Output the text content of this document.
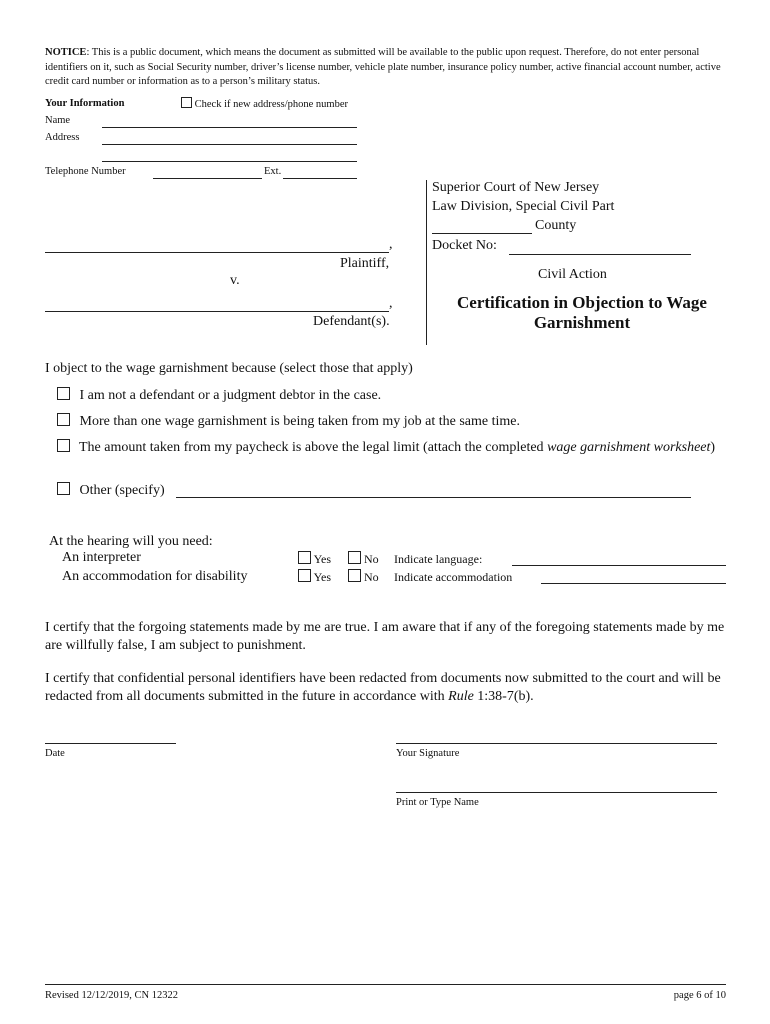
NOTICE: This is a public document, which means the document as submitted will be available to the public upon request. Therefore, do not enter personal identifiers on it, such as Social Security number, driver’s license number, vehicle plate number, insurance policy number, active financial account number, active credit card number or information as to a person’s military status.
Your Information	Check if new address/phone number
Name
Address
Telephone Number	Ext.
Superior Court of New Jersey
Law Division, Special Civil Part
County
Docket No:
Civil Action
Certification in Objection to Wage
Garnishment
,
Plaintiff,
v.
,
Defendant(s).
I object to the wage garnishment because (select those that apply)
I am not a defendant or a judgment debtor in the case.
More than one wage garnishment is being taken from my job at the same time.
The amount taken from my paycheck is above the legal limit (attach the completed wage garnishment worksheet)
Other (specify)
At the hearing will you need:
An interpreter
An accommodation for disability
Yes	No Indicate language:
Yes	No Indicate accommodation
I certify that the forgoing statements made by me are true. I am aware that if any of the foregoing statements made by me are willfully false, I am subject to punishment.
I certify that confidential personal identifiers have been redacted from documents now submitted to the court and will be redacted from all documents submitted in the future in accordance with Rule 1:38-7(b).
Date	Your Signature
Print or Type Name
Revised 12/12/2019, CN 12322	page 6 of 10
